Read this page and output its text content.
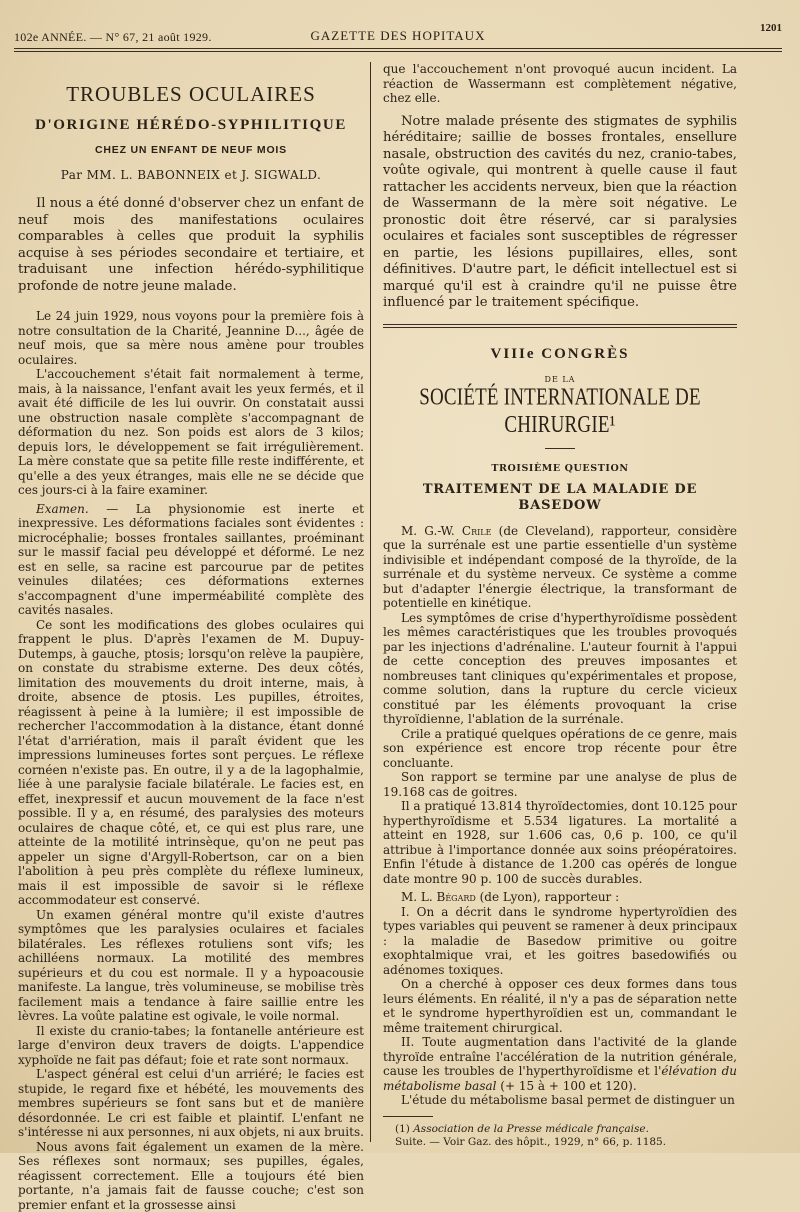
102e ANNÉE. — N° 67, 21 août 1929.	GAZETTE DES HOPITAUX	1201
TROUBLES OCULAIRES
D'ORIGINE HÉRÉDO-SYPHILITIQUE
CHEZ UN ENFANT DE NEUF MOIS
Par MM. L. BABONNEIX et J. SIGWALD.

Il nous a été donné d'observer chez un enfant de neuf mois des manifestations oculaires comparables à celles que produit la syphilis acquise à ses périodes secondaire et tertiaire, et traduisant une infection hérédo-syphilitique profonde de notre jeune malade.

Le 24 juin 1929, nous voyons pour la première fois à notre consultation de la Charité, Jeannine D..., âgée de neuf mois, que sa mère nous amène pour troubles oculaires.

L'accouchement s'était fait normalement à terme, mais, à la naissance, l'enfant avait les yeux fermés, et il avait été difficile de les lui ouvrir. On constatait aussi une obstruction nasale complète s'accompagnant de déformation du nez. Son poids est alors de 3 kilos; depuis lors, le développement se fait irrégulièrement. La mère constate que sa petite fille reste indifférente, et qu'elle a des yeux étranges, mais elle ne se décide que ces jours-ci à la faire examiner.

Examen. — La physionomie est inerte et inexpressive. Les déformations faciales sont évidentes : microcéphalie; bosses frontales saillantes, proéminant sur le massif facial peu développé et déformé. Le nez est en selle, sa racine est parcourue par de petites veinules dilatées; ces déformations externes s'accompagnent d'une imperméabilité complète des cavités nasales.

Ce sont les modifications des globes oculaires qui frappent le plus. D'après l'examen de M. Dupuy-Dutemps, à gauche, ptosis; lorsqu'on relève la paupière, on constate du strabisme externe. Des deux côtés, limitation des mouvements du droit interne, mais, à droite, absence de ptosis. Les pupilles, étroites, réagissent à peine à la lumière; il est impossible de rechercher l'accommodation à la distance, étant donné l'état d'arriération, mais il paraît évident que les impressions lumineuses fortes sont perçues. Le réflexe cornéen n'existe pas. En outre, il y a de la lagophalmie, liée à une paralysie faciale bilatérale. Le facies est, en effet, inexpressif et aucun mouvement de la face n'est possible. Il y a, en résumé, des paralysies des moteurs oculaires de chaque côté, et, ce qui est plus rare, une atteinte de la motilité intrinsèque, qu'on ne peut pas appeler un signe d'Argyll-Robertson, car on a bien l'abolition à peu près complète du réflexe lumineux, mais il est impossible de savoir si le réflexe accommodateur est conservé.

Un examen général montre qu'il existe d'autres symptômes que les paralysies oculaires et faciales bilatérales. Les réflexes rotuliens sont vifs; les achilléens normaux. La motilité des membres supérieurs et du cou est normale. Il y a hypoacousie manifeste. La langue, très volumineuse, se mobilise très facilement mais a tendance à faire saillie entre les lèvres. La voûte palatine est ogivale, le voile normal.

Il existe du cranio-tabes; la fontanelle antérieure est large d'environ deux travers de doigts. L'appendice xyphoïde ne fait pas défaut; foie et rate sont normaux.

L'aspect général est celui d'un arriéré; le facies est stupide, le regard fixe et hébété, les mouvements des membres supérieurs se font sans but et de manière désordonnée. Le cri est faible et plaintif. L'enfant ne s'intéresse ni aux personnes, ni aux objets, ni aux bruits.

Nous avons fait également un examen de la mère. Ses réflexes sont normaux; ses pupilles, égales, réagissent correctement. Elle a toujours été bien portante, n'a jamais fait de fausse couche; c'est son premier enfant et la grossesse ainsi

que l'accouchement n'ont provoqué aucun incident. La réaction de Wassermann est complètement négative, chez elle.

Notre malade présente des stigmates de syphilis héréditaire; saillie de bosses frontales, ensellure nasale, obstruction des cavités du nez, cranio-tabes, voûte ogivale, qui montrent à quelle cause il faut rattacher les accidents nerveux, bien que la réaction de Wassermann de la mère soit négative. Le pronostic doit être réservé, car si paralysies oculaires et faciales sont susceptibles de régresser en partie, les lésions pupillaires, elles, sont définitives. D'autre part, le déficit intellectuel est si marqué qu'il est à craindre qu'il ne puisse être influencé par le traitement spécifique.

VIIIe CONGRÈS
DE LA
SOCIÉTÉ INTERNATIONALE DE CHIRURGIE¹
TROISIÈME QUESTION
TRAITEMENT DE LA MALADIE DE BASEDOW

M. G.-W. Crile (de Cleveland), rapporteur, considère que la surrénale est une partie essentielle d'un système indivisible et indépendant composé de la thyroïde, de la surrénale et du système nerveux. Ce système a comme but d'adapter l'énergie électrique, la transformant de potentielle en kinétique.

Les symptômes de crise d'hyperthyroïdisme possèdent les mêmes caractéristiques que les troubles provoqués par les injections d'adrénaline. L'auteur fournit à l'appui de cette conception des preuves imposantes et nombreuses tant cliniques qu'expérimentales et propose, comme solution, dans la rupture du cercle vicieux constitué par les éléments provoquant la crise thyroïdienne, l'ablation de la surrénale.

Crile a pratiqué quelques opérations de ce genre, mais son expérience est encore trop récente pour être concluante.

Son rapport se termine par une analyse de plus de 19.168 cas de goitres.

Il a pratiqué 13.814 thyroïdectomies, dont 10.125 pour hyperthyroïdisme et 5.534 ligatures. La mortalité a atteint en 1928, sur 1.606 cas, 0,6 p. 100, ce qu'il attribue à l'importance donnée aux soins préopératoires. Enfin l'étude à distance de 1.200 cas opérés de longue date montre 90 p. 100 de succès durables.

M. L. Bégard (de Lyon), rapporteur :

I. On a décrit dans le syndrome hypertyroïdien des types variables qui peuvent se ramener à deux principaux : la maladie de Basedow primitive ou goitre exophtalmique vrai, et les goitres basedowifiés ou adénomes toxiques.

On a cherché à opposer ces deux formes dans tous leurs éléments. En réalité, il n'y a pas de séparation nette et le syndrome hyperthyroïdien est un, commandant le même traitement chirurgical.

II. Toute augmentation dans l'activité de la glande thyroïde entraîne l'accélération de la nutrition générale, cause les troubles de l'hyperthyroïdisme et l'élévation du métabolisme basal (+ 15 à + 100 et 120).

L'étude du métabolisme basal permet de distinguer un

(1) Association de la Presse médicale française.
Suite. — Voir Gaz. des hôpit., 1929, n° 66, p. 1185.
